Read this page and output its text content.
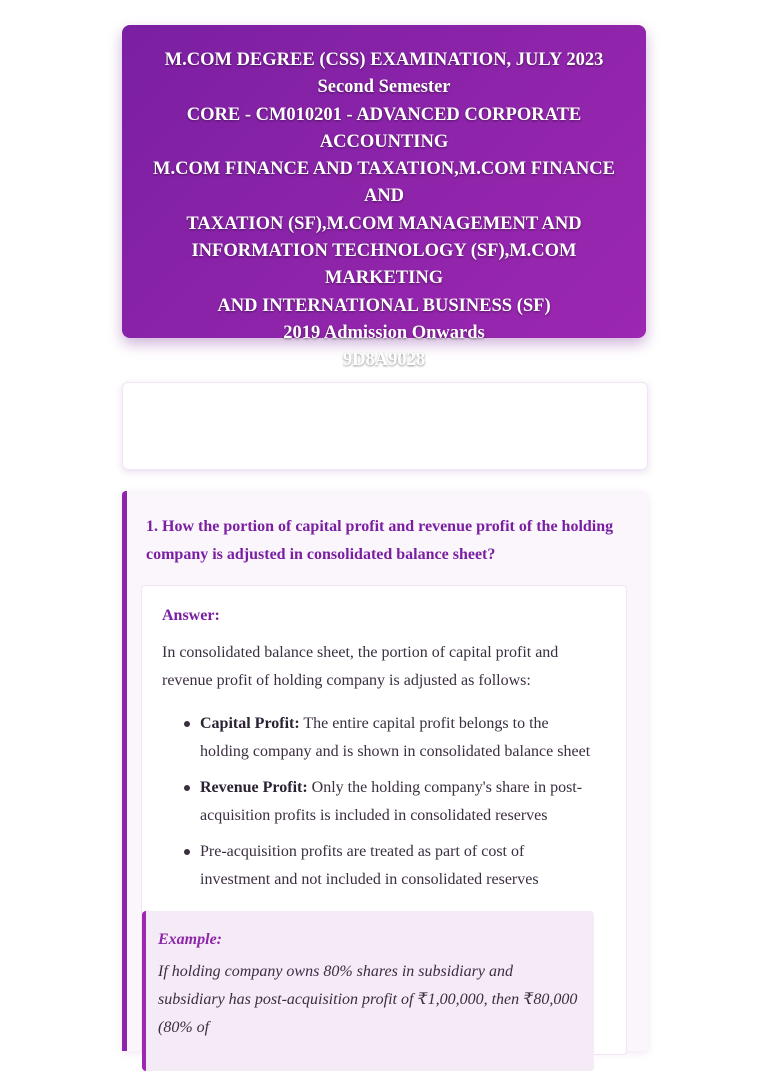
M.COM DEGREE (CSS) EXAMINATION, JULY 2023
Second Semester
CORE - CM010201 - ADVANCED CORPORATE
ACCOUNTING
M.COM FINANCE AND TAXATION,M.COM FINANCE AND
TAXATION (SF),M.COM MANAGEMENT AND
INFORMATION TECHNOLOGY (SF),M.COM MARKETING
AND INTERNATIONAL BUSINESS (SF)
2019 Admission Onwards
9D8A9028

1. How the portion of capital profit and revenue profit of the holding company is adjusted in consolidated balance sheet?

Answer:

In consolidated balance sheet, the portion of capital profit and revenue profit of holding company is adjusted as follows:

Capital Profit: The entire capital profit belongs to the holding company and is shown in consolidated balance sheet
Revenue Profit: Only the holding company's share in post-acquisition profits is included in consolidated reserves
Pre-acquisition profits are treated as part of cost of investment and not included in consolidated reserves

Example:

If holding company owns 80% shares in subsidiary and subsidiary has post-acquisition profit of ₹1,00,000, then ₹80,000 (80% of
